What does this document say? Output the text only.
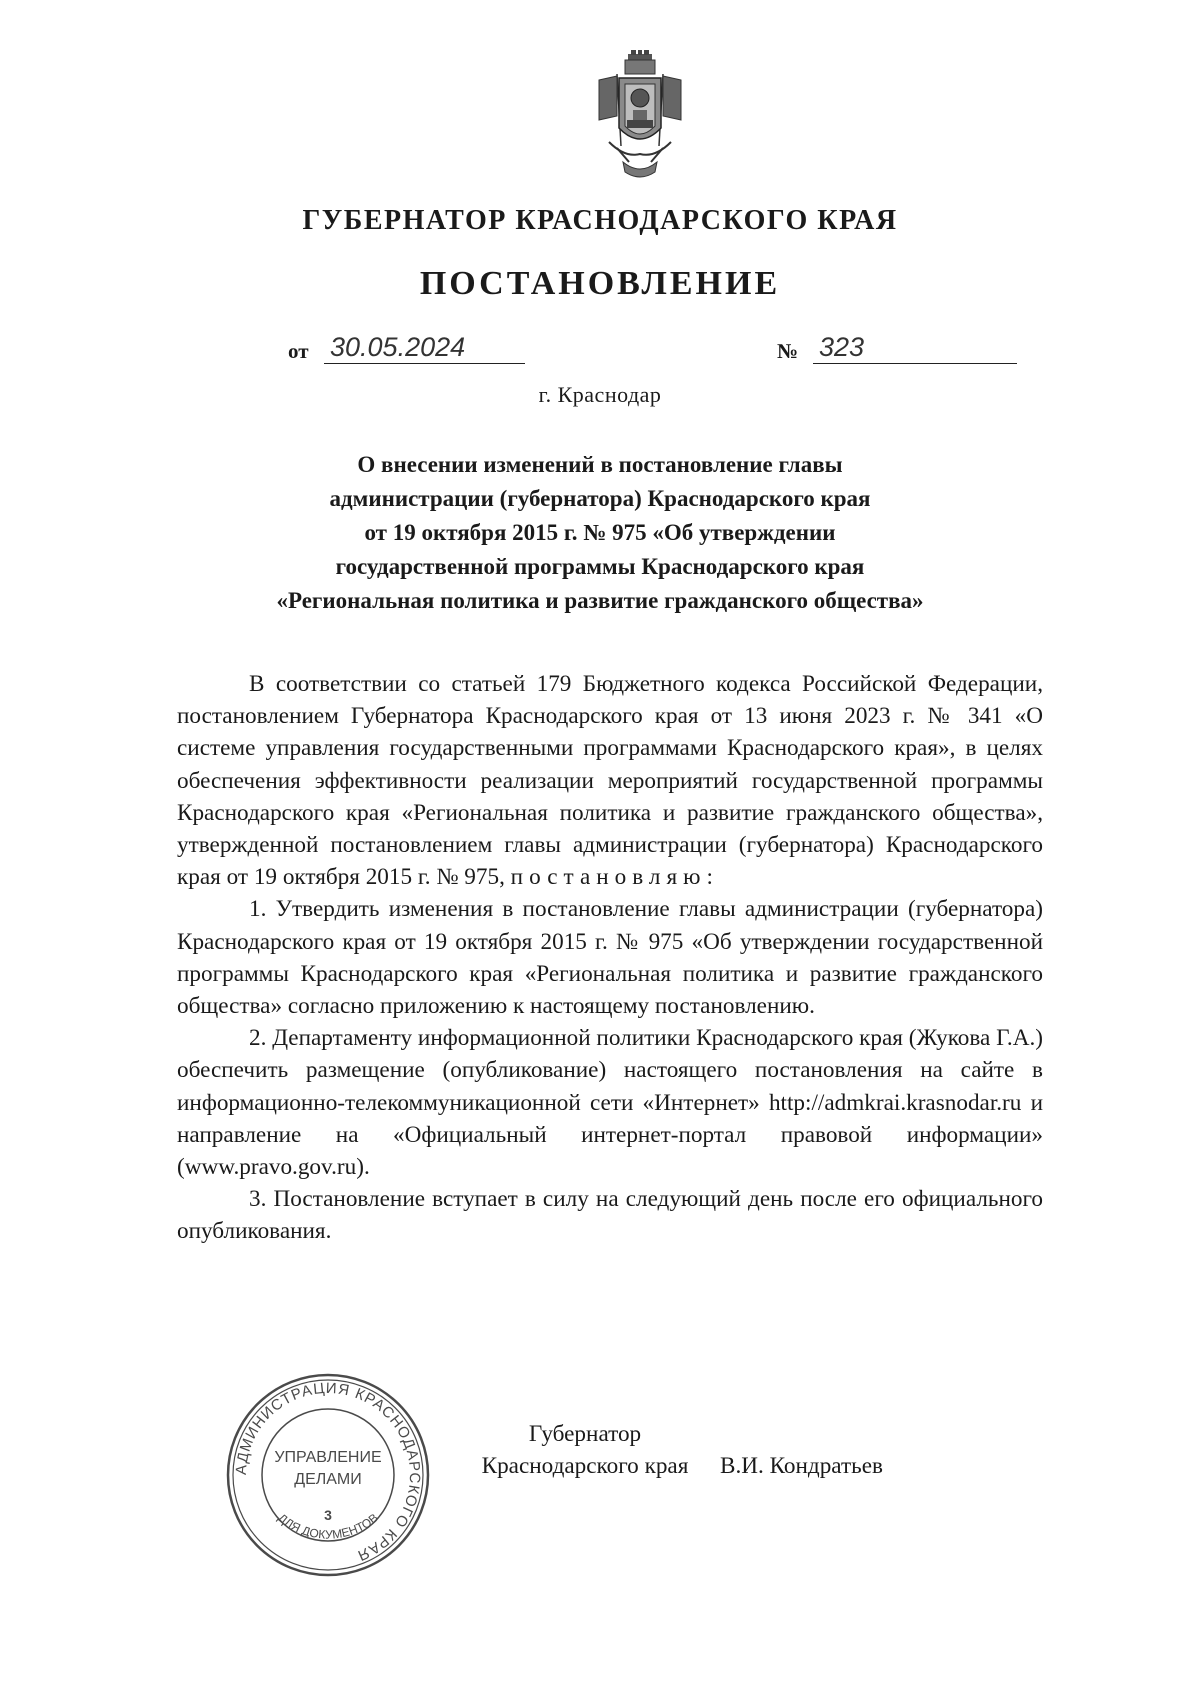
ГУБЕРНАТОР КРАСНОДАРСКОГО КРАЯ
ПОСТАНОВЛЕНИЕ
от 30.05.2024	№ 323
г. Краснодар
О внесении изменений в постановление главы
администрации (губернатора) Краснодарского края
от 19 октября 2015 г. № 975 «Об утверждении
государственной программы Краснодарского края
«Региональная политика и развитие гражданского общества»

В соответствии со статьей 179 Бюджетного кодекса Российской Федерации, постановлением Губернатора Краснодарского края от 13 июня 2023 г. № 341 «О системе управления государственными программами Краснодарского края», в целях обеспечения эффективности реализации мероприятий государственной программы Краснодарского края «Региональная политика и развитие гражданского общества», утвержденной постановлением главы администрации (губернатора) Краснодарского края от 19 октября 2015 г. № 975, постановляю:

1. Утвердить изменения в постановление главы администрации (губернатора) Краснодарского края от 19 октября 2015 г. № 975 «Об утверждении государственной программы Краснодарского края «Региональная политика и развитие гражданского общества» согласно приложению к настоящему постановлению.

2. Департаменту информационной политики Краснодарского края (Жукова Г.А.) обеспечить размещение (опубликование) настоящего постановления на сайте в информационно-телекоммуникационной сети «Интернет» http://admkrai.krasnodar.ru и направление на «Официальный интернет-портал правовой информации» (www.pravo.gov.ru).

3. Постановление вступает в силу на следующий день после его официального опубликования.

АДМИНИСТРАЦИЯ КРАСНОДАРСКОГО КРАЯ
ДЛЯ ДОКУМЕНТОВ
УПРАВЛЕНИЕ
ДЕЛАМИ
3
Губернатор
Краснодарского края	В.И. Кондратьев
